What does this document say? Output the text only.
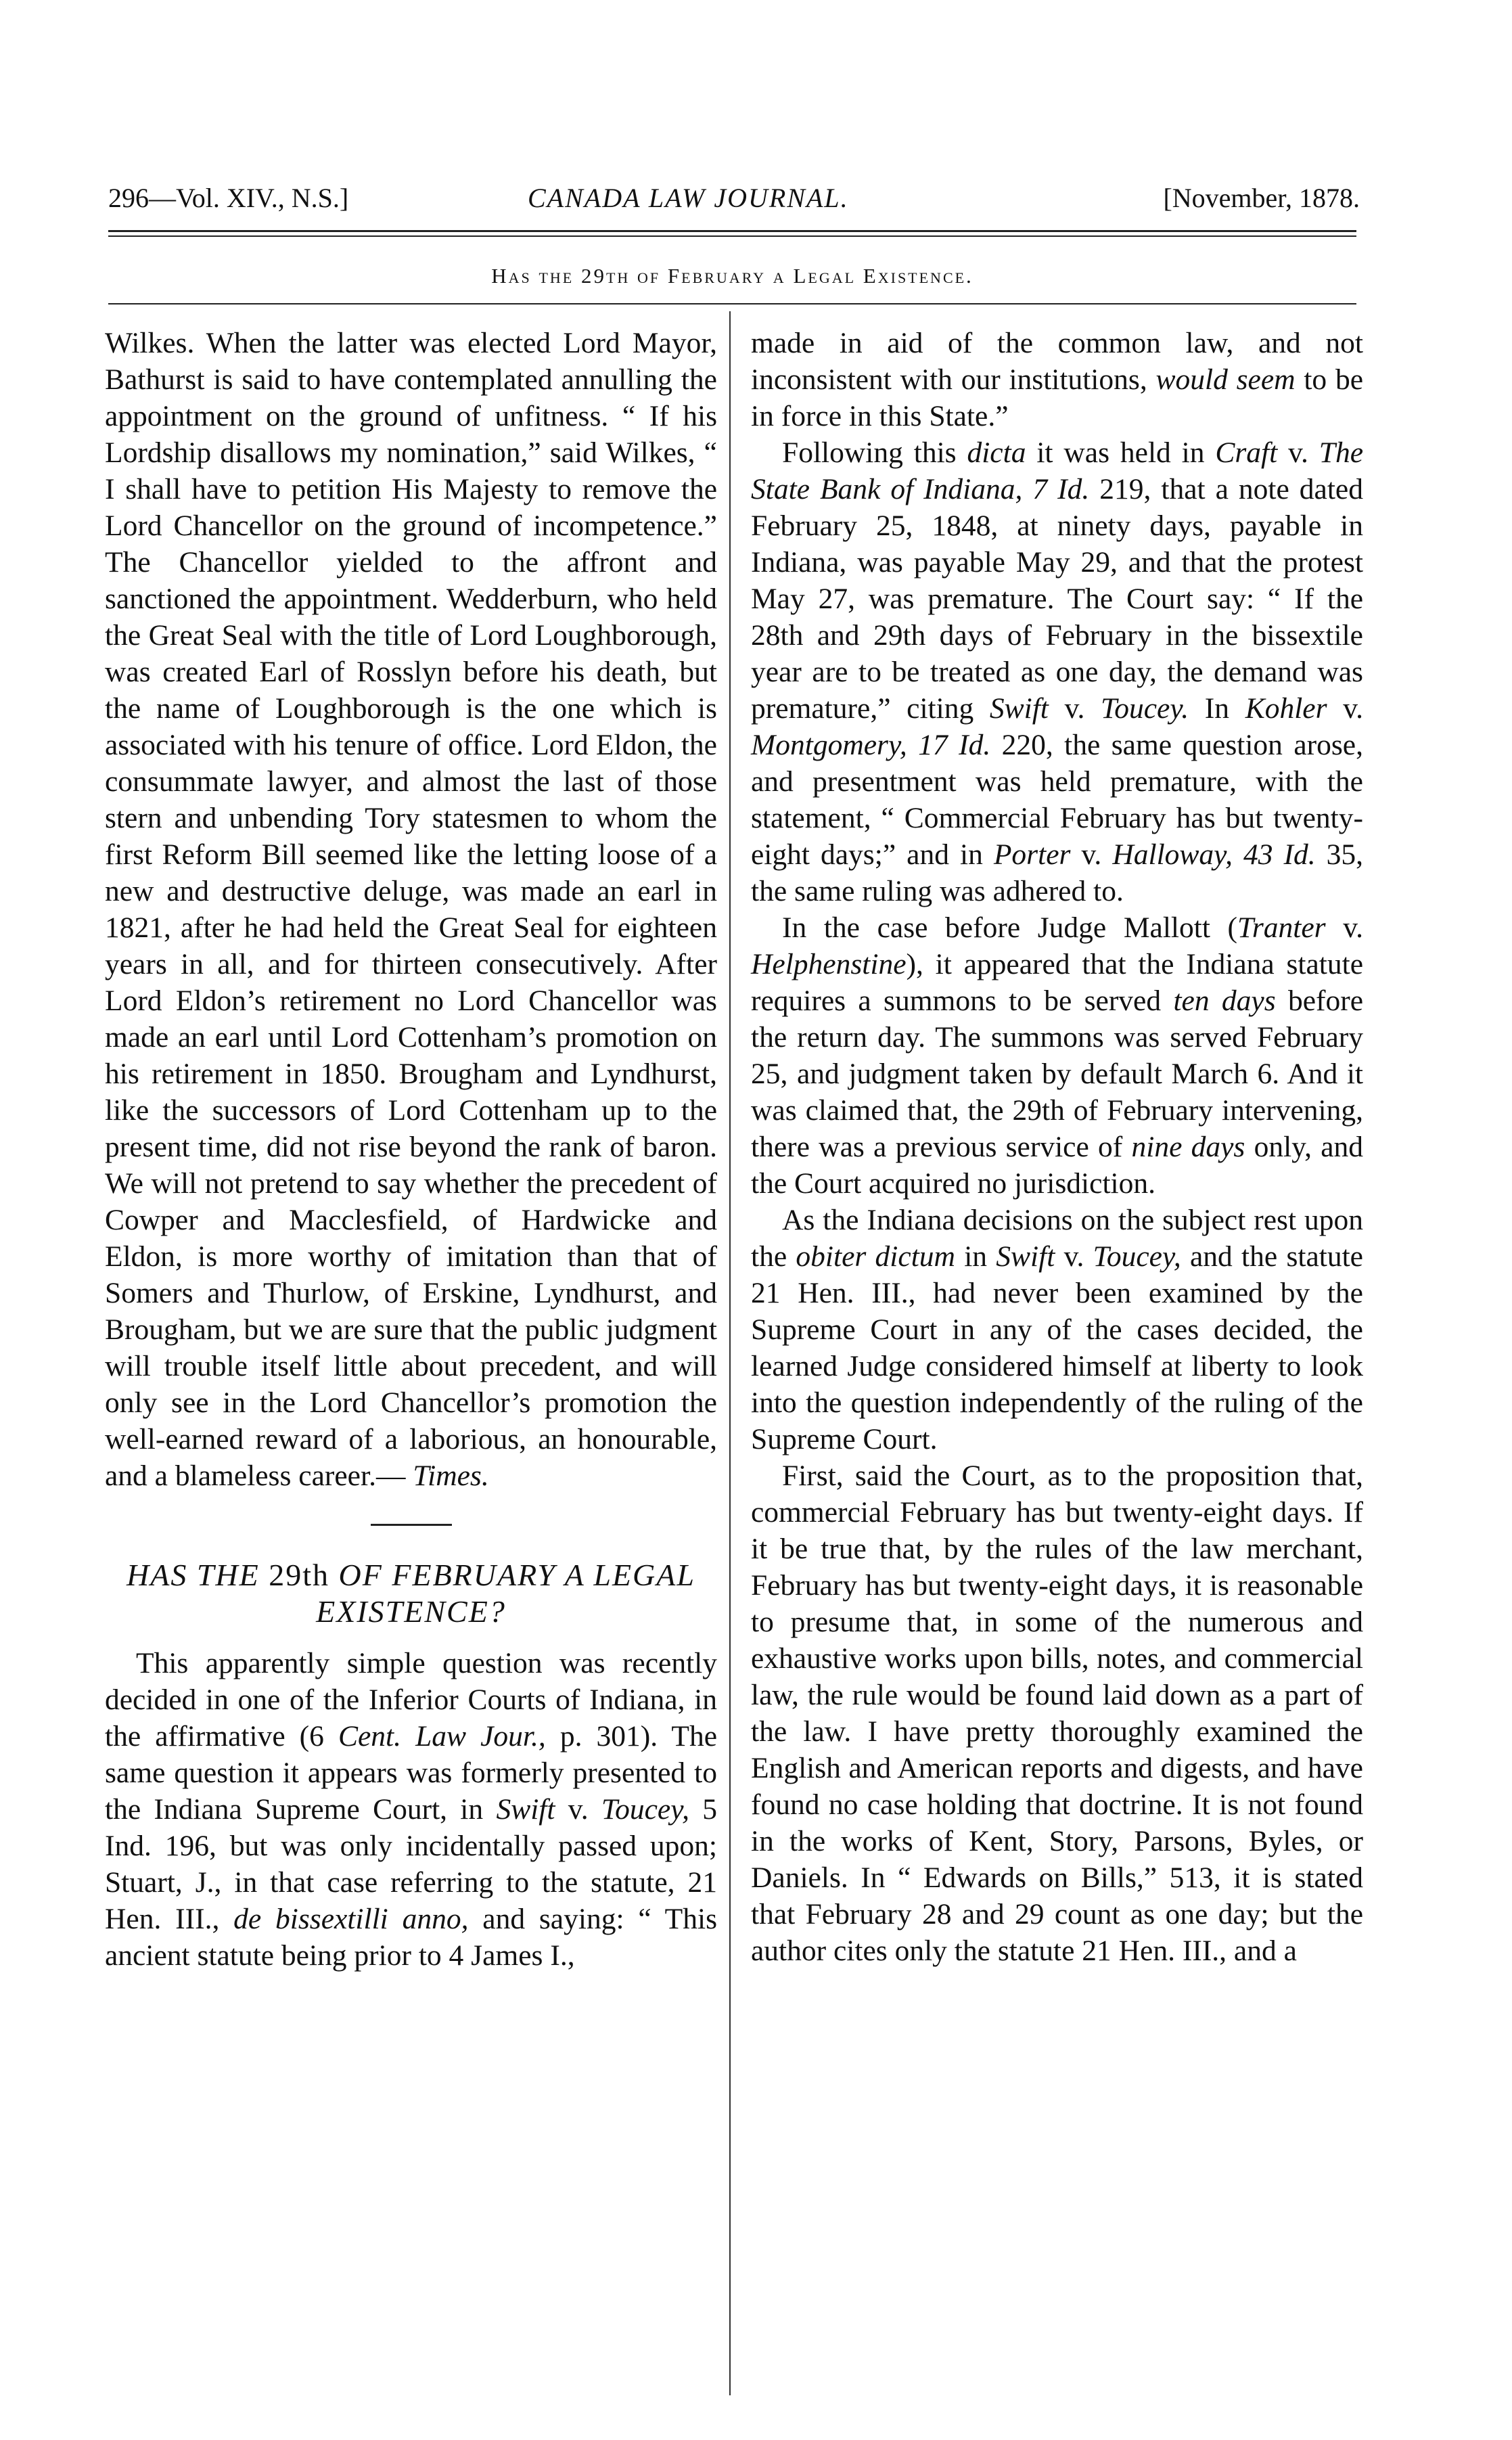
296—Vol. XIV., N.S.]	CANADA LAW JOURNAL.	[November, 1878.
Has the 29th of February a Legal Existence.

Wilkes. When the latter was elected Lord Mayor, Bathurst is said to have contemplated annulling the appointment on the ground of unfitness. “ If his Lordship disallows my nomination,” said Wilkes, “ I shall have to petition His Majesty to remove the Lord Chancellor on the ground of incompetence.” The Chancellor yielded to the affront and sanctioned the appointment. Wedderburn, who held the Great Seal with the title of Lord Loughborough, was created Earl of Rosslyn before his death, but the name of Loughborough is the one which is associated with his tenure of office. Lord Eldon, the consummate lawyer, and almost the last of those stern and unbending Tory statesmen to whom the first Reform Bill seemed like the letting loose of a new and destructive deluge, was made an earl in 1821, after he had held the Great Seal for eighteen years in all, and for thirteen consecutively. After Lord Eldon’s retirement no Lord Chancellor was made an earl until Lord Cottenham’s promotion on his retirement in 1850. Brougham and Lyndhurst, like the successors of Lord Cottenham up to the present time, did not rise beyond the rank of baron. We will not pretend to say whether the precedent of Cowper and Macclesfield, of Hardwicke and Eldon, is more worthy of imitation than that of Somers and Thurlow, of Erskine, Lyndhurst, and Brougham, but we are sure that the public judgment will trouble itself little about precedent, and will only see in the Lord Chancellor’s promotion the well-earned reward of a laborious, an honourable, and a blameless career.— Times.

HAS THE 29th OF FEBRUARY A LEGAL EXISTENCE?

This apparently simple question was recently decided in one of the Inferior Courts of Indiana, in the affirmative (6 Cent. Law Jour., p. 301). The same question it appears was formerly presented to the Indiana Supreme Court, in Swift v. Toucey, 5 Ind. 196, but was only incidentally passed upon; Stuart, J., in that case referring to the statute, 21 Hen. III., de bissextilli anno, and saying: “ This ancient statute being prior to 4 James I.,

made in aid of the common law, and not inconsistent with our institutions, would seem to be in force in this State.”

Following this dicta it was held in Craft v. The State Bank of Indiana, 7 Id. 219, that a note dated February 25, 1848, at ninety days, payable in Indiana, was payable May 29, and that the protest May 27, was premature. The Court say: “ If the 28th and 29th days of February in the bissextile year are to be treated as one day, the demand was premature,” citing Swift v. Toucey. In Kohler v. Montgomery, 17 Id. 220, the same question arose, and presentment was held premature, with the statement, “ Commercial February has but twenty-eight days;” and in Porter v. Halloway, 43 Id. 35, the same ruling was adhered to.

In the case before Judge Mallott (Tranter v. Helphenstine), it appeared that the Indiana statute requires a summons to be served ten days before the return day. The summons was served February 25, and judgment taken by default March 6. And it was claimed that, the 29th of February intervening, there was a previous service of nine days only, and the Court acquired no jurisdiction.

As the Indiana decisions on the subject rest upon the obiter dictum in Swift v. Toucey, and the statute 21 Hen. III., had never been examined by the Supreme Court in any of the cases decided, the learned Judge considered himself at liberty to look into the question independently of the ruling of the Supreme Court.

First, said the Court, as to the proposition that, commercial February has but twenty-eight days. If it be true that, by the rules of the law merchant, February has but twenty-eight days, it is reasonable to presume that, in some of the numerous and exhaustive works upon bills, notes, and commercial law, the rule would be found laid down as a part of the law. I have pretty thoroughly examined the English and American reports and digests, and have found no case holding that doctrine. It is not found in the works of Kent, Story, Parsons, Byles, or Daniels. In “ Edwards on Bills,” 513, it is stated that February 28 and 29 count as one day; but the author cites only the statute 21 Hen. III., and a
